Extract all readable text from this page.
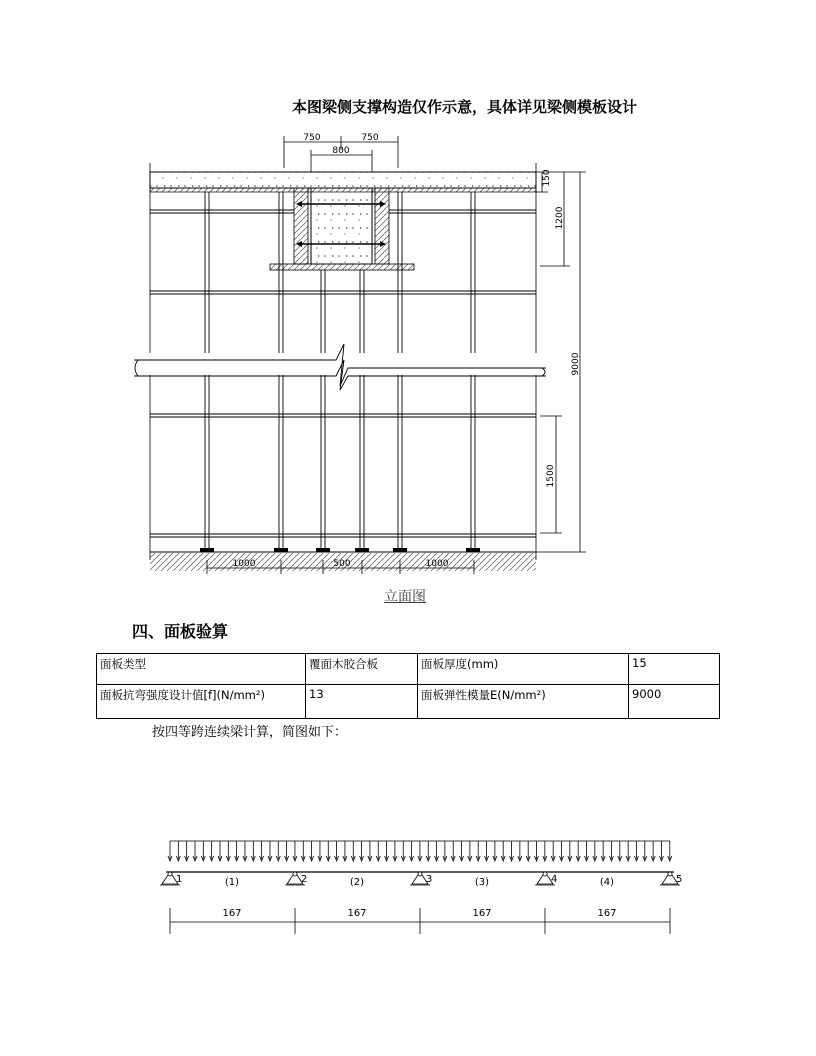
本图梁侧支撑构造仅作示意，具体详见梁侧模板设计
750	750
800
150
1200
9000
1500
1000	500	1000
立面图
四、面板验算
面板类型	覆面木胶合板	面板厚度(mm)	15
面板抗弯强度设计值[f](N/mm²)	13	面板弹性模量E(N/mm²)	9000
按四等跨连续梁计算，简图如下：
1	2	3	4	5
(1)	(2)	(3)	(4)
167	167	167	167
